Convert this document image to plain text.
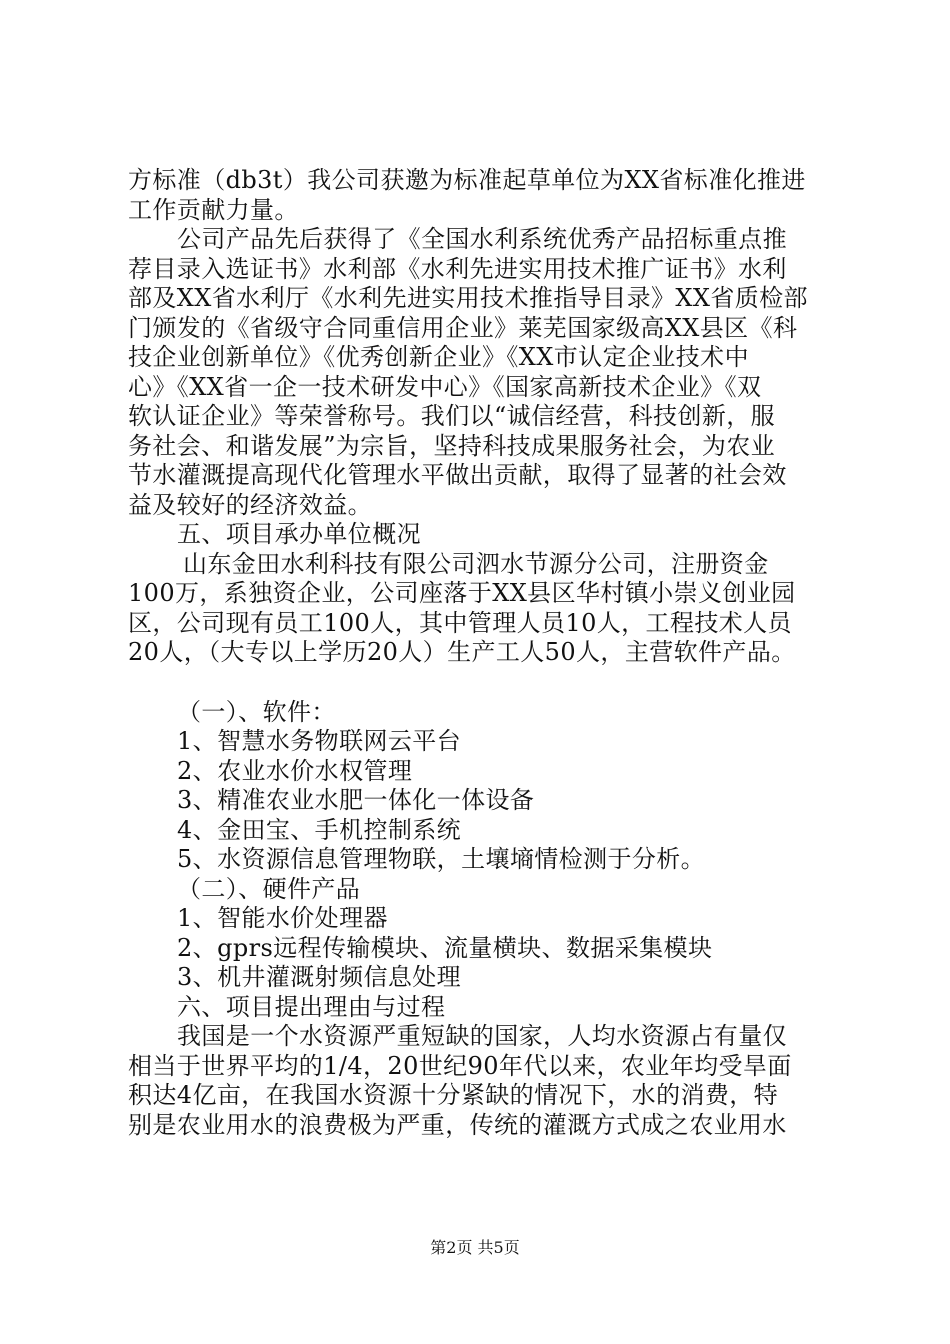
方标准（db3t）我公司获邀为标准起草单位为XX省标准化推进
工作贡献力量。
公司产品先后获得了《全国水利系统优秀产品招标重点推
荐目录入选证书》水利部《水利先进实用技术推广证书》水利
部及XX省水利厅《水利先进实用技术推指导目录》XX省质检部
门颁发的《省级守合同重信用企业》莱芜国家级高XX县区《科
技企业创新单位》《优秀创新企业》《XX市认定企业技术中
心》《XX省一企一技术研发中心》《国家高新技术企业》《双
软认证企业》等荣誉称号。我们以“诚信经营，科技创新，服
务社会、和谐发展”为宗旨，坚持科技成果服务社会，为农业
节水灌溉提高现代化管理水平做出贡献，取得了显著的社会效
益及较好的经济效益。
五、项目承办单位概况
山东金田水利科技有限公司泗水节源分公司，注册资金
100万，系独资企业，公司座落于XX县区华村镇小崇义创业园
区，公司现有员工100人，其中管理人员10人，工程技术人员
20人，（大专以上学历20人）生产工人50人，主营软件产品。
（一）、软件：
1、智慧水务物联网云平台
2、农业水价水权管理
3、精准农业水肥一体化一体设备
4、金田宝、手机控制系统
5、水资源信息管理物联，土壤墒情检测于分析。
（二）、硬件产品
1、智能水价处理器
2、gprs远程传输模块、流量横块、数据采集模块
3、机井灌溉射频信息处理
六、项目提出理由与过程
我国是一个水资源严重短缺的国家，人均水资源占有量仅
相当于世界平均的1/4，20世纪90年代以来，农业年均受旱面
积达4亿亩，在我国水资源十分紧缺的情况下，水的消费，特
别是农业用水的浪费极为严重，传统的灌溉方式成之农业用水
第2页 共5页
